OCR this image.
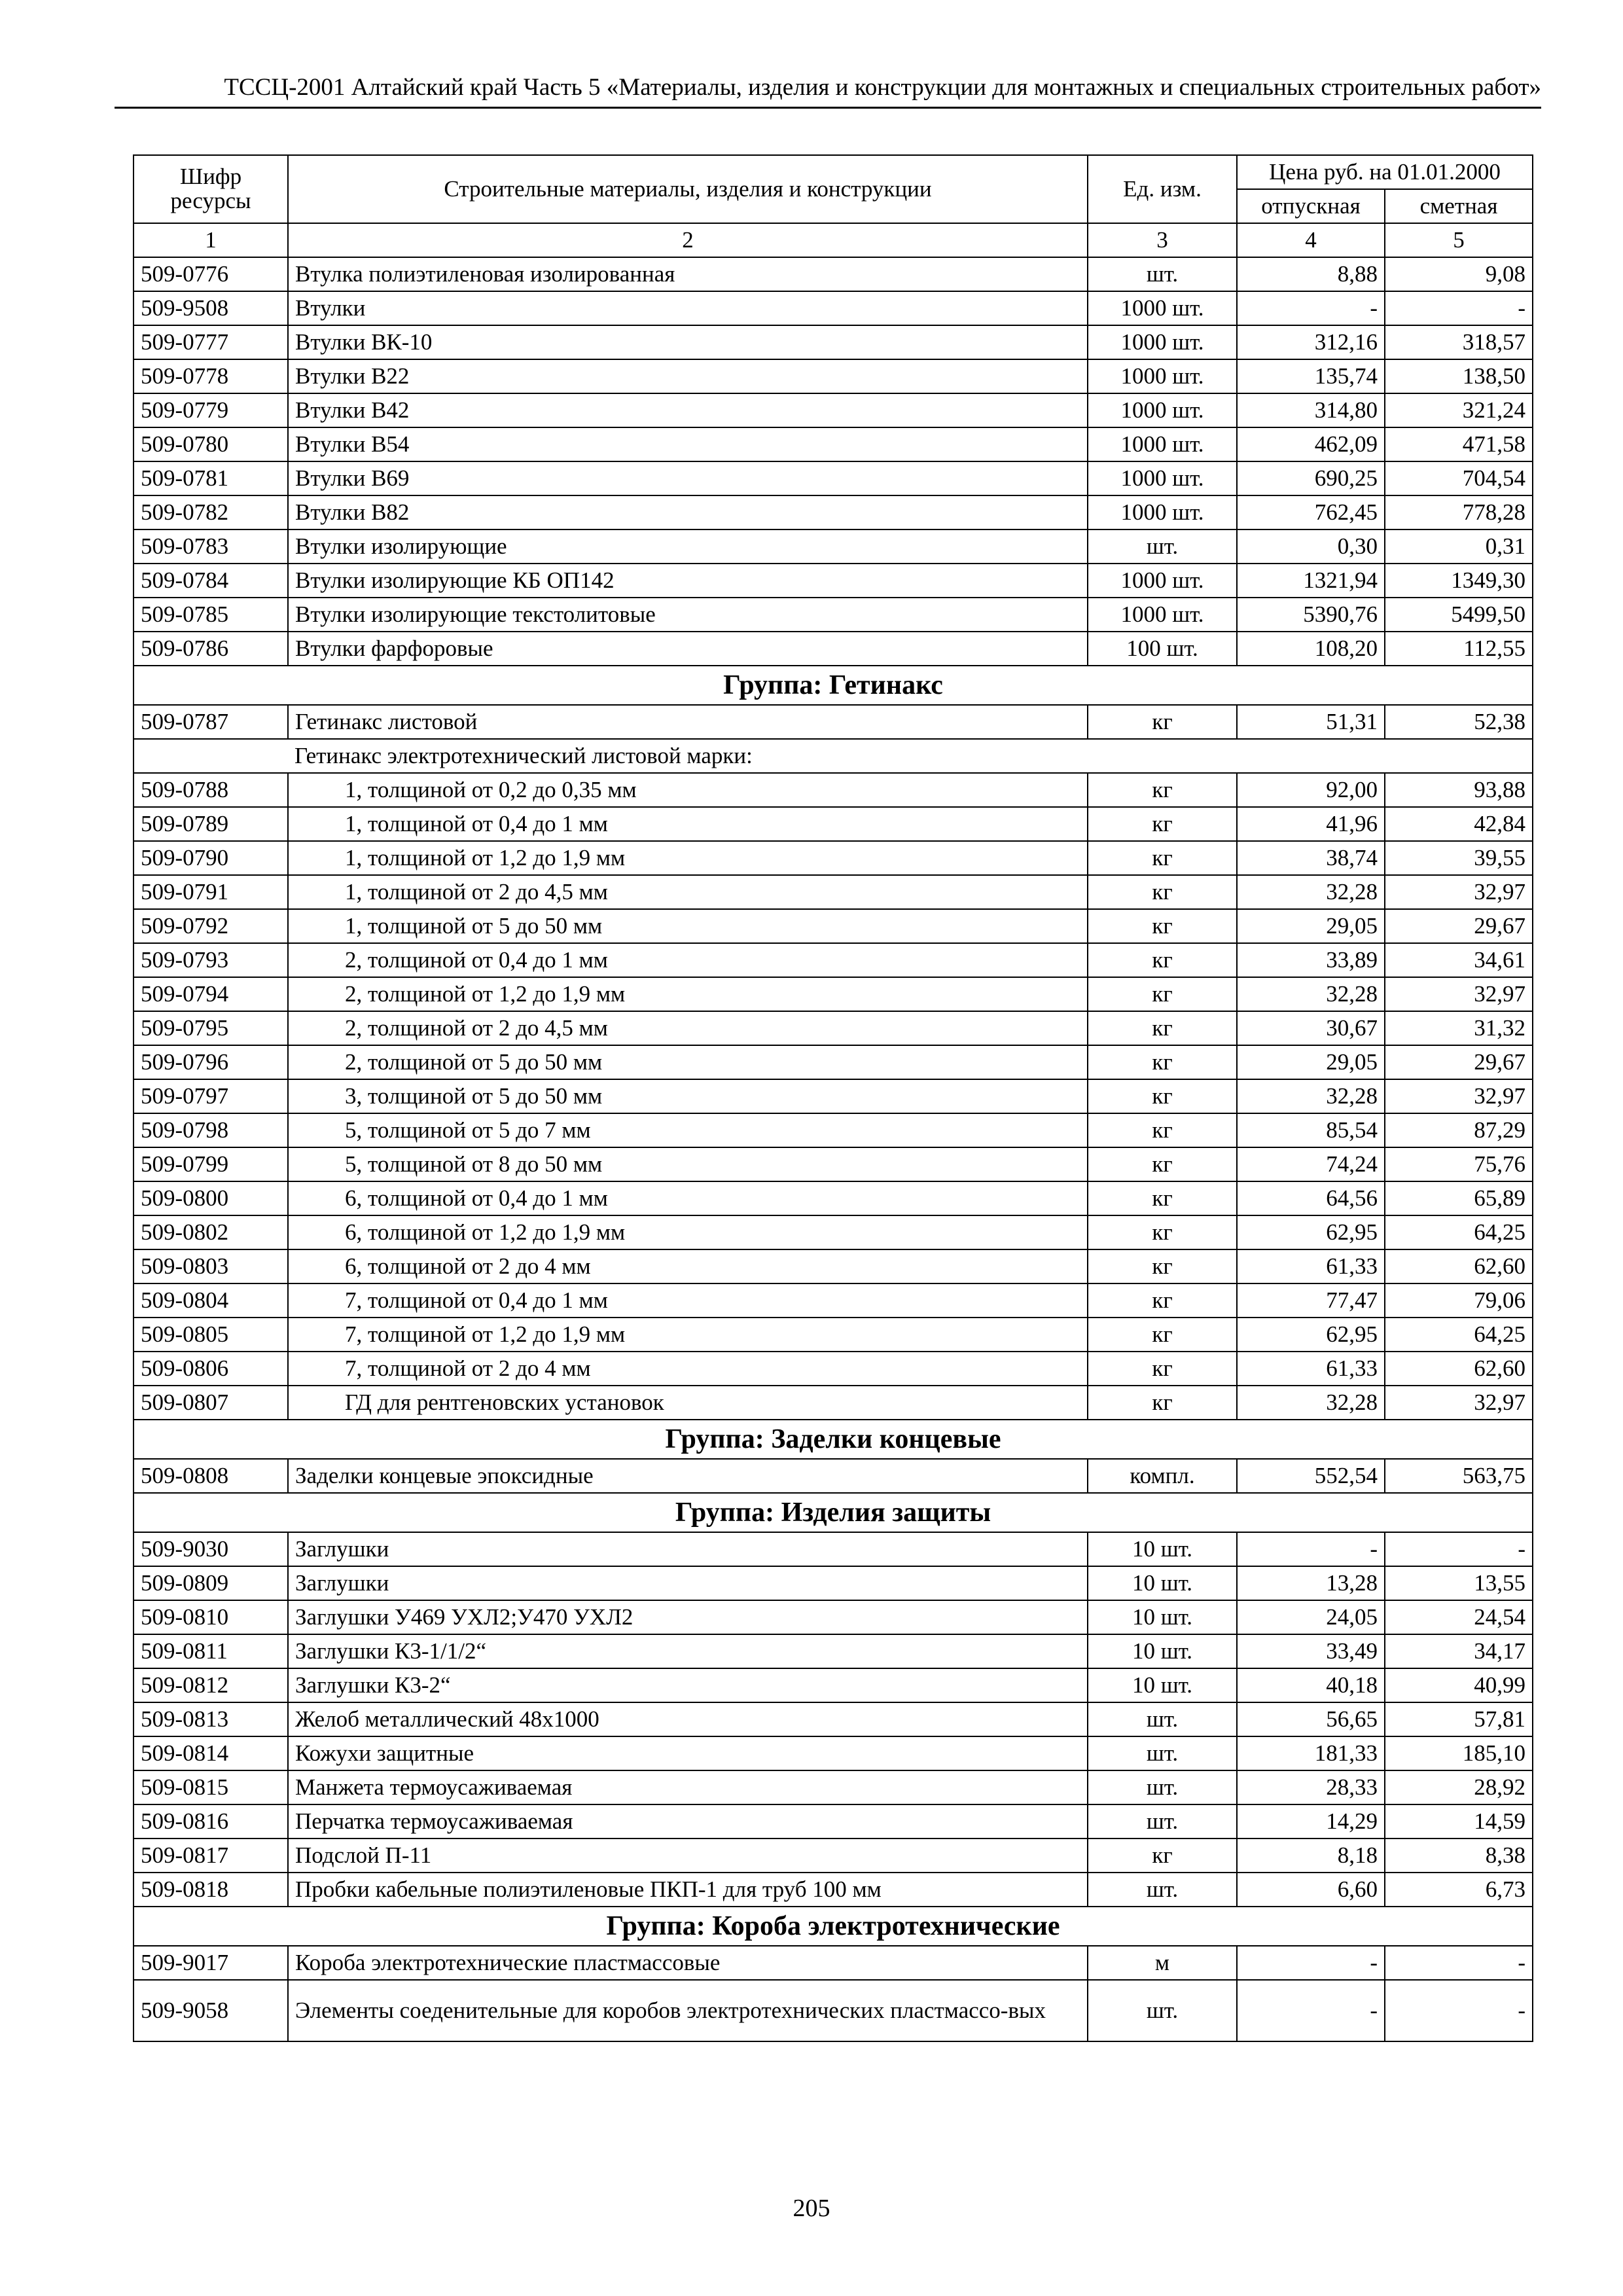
ТССЦ-2001 Алтайский край Часть 5 «Материалы, изделия и конструкции для монтажных и специальных строительных работ»
Шифр ресурсы	Строительные материалы, изделия и конструкции	Ед. изм.	Цена руб. на 01.01.2000	
			отпускная	сметная
1	2	3	4	5
509-0776	Втулка полиэтиленовая изолированная	шт.	8,88	9,08
509-9508	Втулки	1000 шт.	-	-
509-0777	Втулки ВК-10	1000 шт.	312,16	318,57
509-0778	Втулки В22	1000 шт.	135,74	138,50
509-0779	Втулки В42	1000 шт.	314,80	321,24
509-0780	Втулки В54	1000 шт.	462,09	471,58
509-0781	Втулки В69	1000 шт.	690,25	704,54
509-0782	Втулки В82	1000 шт.	762,45	778,28
509-0783	Втулки изолирующие	шт.	0,30	0,31
509-0784	Втулки изолирующие КБ ОП142	1000 шт.	1321,94	1349,30
509-0785	Втулки изолирующие текстолитовые	1000 шт.	5390,76	5499,50
509-0786	Втулки фарфоровые	100 шт.	108,20	112,55
Группа: Гетинакс				
509-0787	Гетинакс листовой	кг	51,31	52,38
	Гетинакс электротехнический листовой марки:			
509-0788	1, толщиной от 0,2 до 0,35 мм	кг	92,00	93,88
509-0789	1, толщиной от 0,4 до 1 мм	кг	41,96	42,84
509-0790	1, толщиной от 1,2 до 1,9 мм	кг	38,74	39,55
509-0791	1, толщиной от 2 до 4,5 мм	кг	32,28	32,97
509-0792	1, толщиной от 5 до 50 мм	кг	29,05	29,67
509-0793	2, толщиной от 0,4 до 1 мм	кг	33,89	34,61
509-0794	2, толщиной от 1,2 до 1,9 мм	кг	32,28	32,97
509-0795	2, толщиной от 2 до 4,5 мм	кг	30,67	31,32
509-0796	2, толщиной от 5 до 50 мм	кг	29,05	29,67
509-0797	3, толщиной от 5 до 50 мм	кг	32,28	32,97
509-0798	5, толщиной от 5 до 7 мм	кг	85,54	87,29
509-0799	5, толщиной от 8 до 50 мм	кг	74,24	75,76
509-0800	6, толщиной от 0,4 до 1 мм	кг	64,56	65,89
509-0802	6, толщиной от 1,2 до 1,9 мм	кг	62,95	64,25
509-0803	6, толщиной от 2 до 4 мм	кг	61,33	62,60
509-0804	7, толщиной от 0,4 до 1 мм	кг	77,47	79,06
509-0805	7, толщиной от 1,2 до 1,9 мм	кг	62,95	64,25
509-0806	7, толщиной от 2 до 4 мм	кг	61,33	62,60
509-0807	ГД для рентгеновских установок	кг	32,28	32,97
Группа: Заделки концевые				
509-0808	Заделки концевые эпоксидные	компл.	552,54	563,75
Группа: Изделия защиты				
509-9030	Заглушки	10 шт.	-	-
509-0809	Заглушки	10 шт.	13,28	13,55
509-0810	Заглушки У469 УХЛ2;У470 УХЛ2	10 шт.	24,05	24,54
509-0811	Заглушки К3-1/1/2“	10 шт.	33,49	34,17
509-0812	Заглушки К3-2“	10 шт.	40,18	40,99
509-0813	Желоб металлический 48х1000	шт.	56,65	57,81
509-0814	Кожухи защитные	шт.	181,33	185,10
509-0815	Манжета термоусаживаемая	шт.	28,33	28,92
509-0816	Перчатка термоусаживаемая	шт.	14,29	14,59
509-0817	Подслой П-11	кг	8,18	8,38
509-0818	Пробки кабельные полиэтиленовые ПКП-1 для труб 100 мм	шт.	6,60	6,73
Группа: Короба электротехнические				
509-9017	Короба электротехнические пластмассовые	м	-	-
509-9058	Элементы соеденительные для коробов электротехнических пластмассо-вых	шт.	-	-
205
